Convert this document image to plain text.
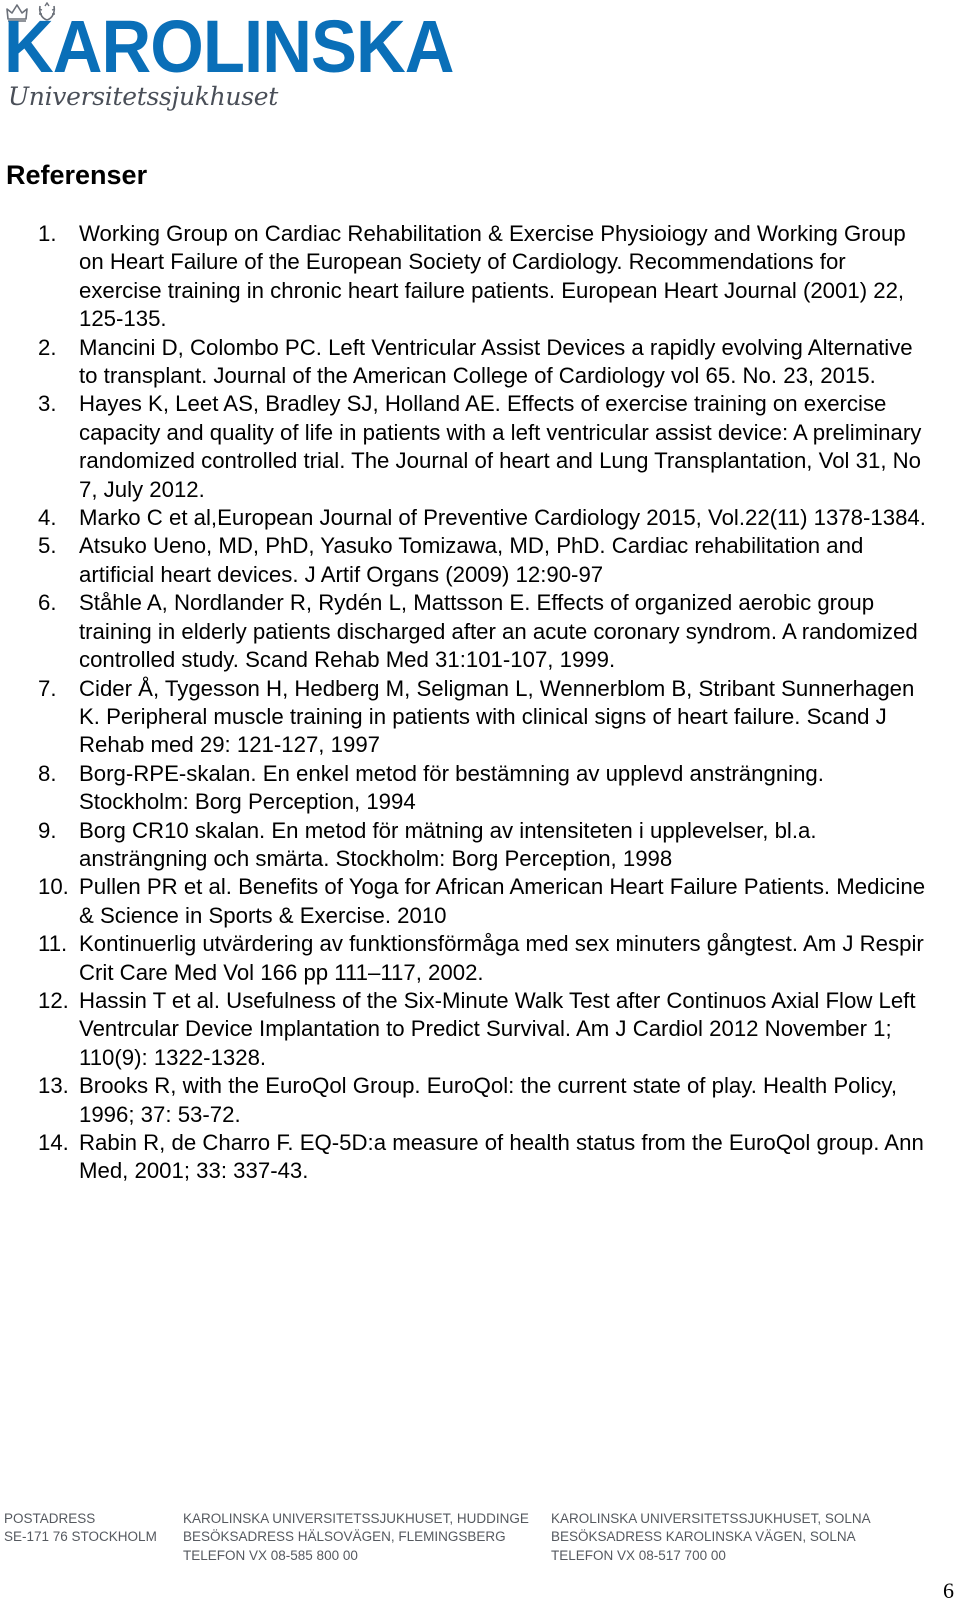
KAROLINSKA
Universitetssjukhuset
Referenser
1. Working Group on Cardiac Rehabilitation & Exercise Physioiogy and Working Group on Heart Failure of the European Society of Cardiology. Recommendations for exercise training in chronic heart failure patients. European Heart Journal (2001) 22, 125-135.
2. Mancini D, Colombo PC. Left Ventricular Assist Devices a rapidly evolving Alternative to transplant. Journal of the American College of Cardiology vol 65. No. 23, 2015.
3. Hayes K, Leet AS, Bradley SJ, Holland AE. Effects of exercise training on exercise capacity and quality of life in patients with a left ventricular assist device: A preliminary randomized controlled trial. The Journal of heart and Lung Transplantation, Vol 31, No 7, July 2012.
4. Marko C et al,European Journal of Preventive Cardiology 2015, Vol.22(11) 1378-1384.
5. Atsuko Ueno, MD, PhD, Yasuko Tomizawa, MD, PhD. Cardiac rehabilitation and artificial heart devices. J Artif Organs (2009) 12:90-97
6. Ståhle A, Nordlander R, Rydén L, Mattsson E. Effects of organized aerobic group training in elderly patients discharged after an acute coronary syndrom. A randomized controlled study. Scand Rehab Med 31:101-107, 1999.
7. Cider Å, Tygesson H, Hedberg M, Seligman L, Wennerblom B, Stribant Sunnerhagen K. Peripheral muscle training in patients with clinical signs of heart failure. Scand J Rehab med 29: 121-127, 1997
8. Borg-RPE-skalan. En enkel metod för bestämning av upplevd ansträngning. Stockholm: Borg Perception, 1994
9. Borg CR10 skalan. En metod för mätning av intensiteten i upplevelser, bl.a. ansträngning och smärta. Stockholm: Borg Perception, 1998
10. Pullen PR et al. Benefits of Yoga for African American Heart Failure Patients. Medicine & Science in Sports & Exercise. 2010
11. Kontinuerlig utvärdering av funktionsförmåga med sex minuters gångtest. Am J Respir Crit Care Med Vol 166 pp 111–117, 2002.
12. Hassin T et al. Usefulness of the Six-Minute Walk Test after Continuos Axial Flow Left Ventrcular Device Implantation to Predict Survival. Am J Cardiol 2012 November 1; 110(9): 1322-1328.
13. Brooks R, with the EuroQol Group. EuroQol: the current state of play. Health Policy, 1996; 37: 53-72.
14. Rabin R, de Charro F. EQ-5D:a measure of health status from the EuroQol group. Ann Med, 2001; 33: 337-43.
POSTADRESS
SE-171 76 STOCKHOLM
KAROLINSKA UNIVERSITETSSJUKHUSET, HUDDINGE
BESÖKSADRESS HÄLSOVÄGEN, FLEMINGSBERG
TELEFON VX 08-585 800 00
KAROLINSKA UNIVERSITETSSJUKHUSET, SOLNA
BESÖKSADRESS KAROLINSKA VÄGEN, SOLNA
TELEFON VX 08-517 700 00
6
